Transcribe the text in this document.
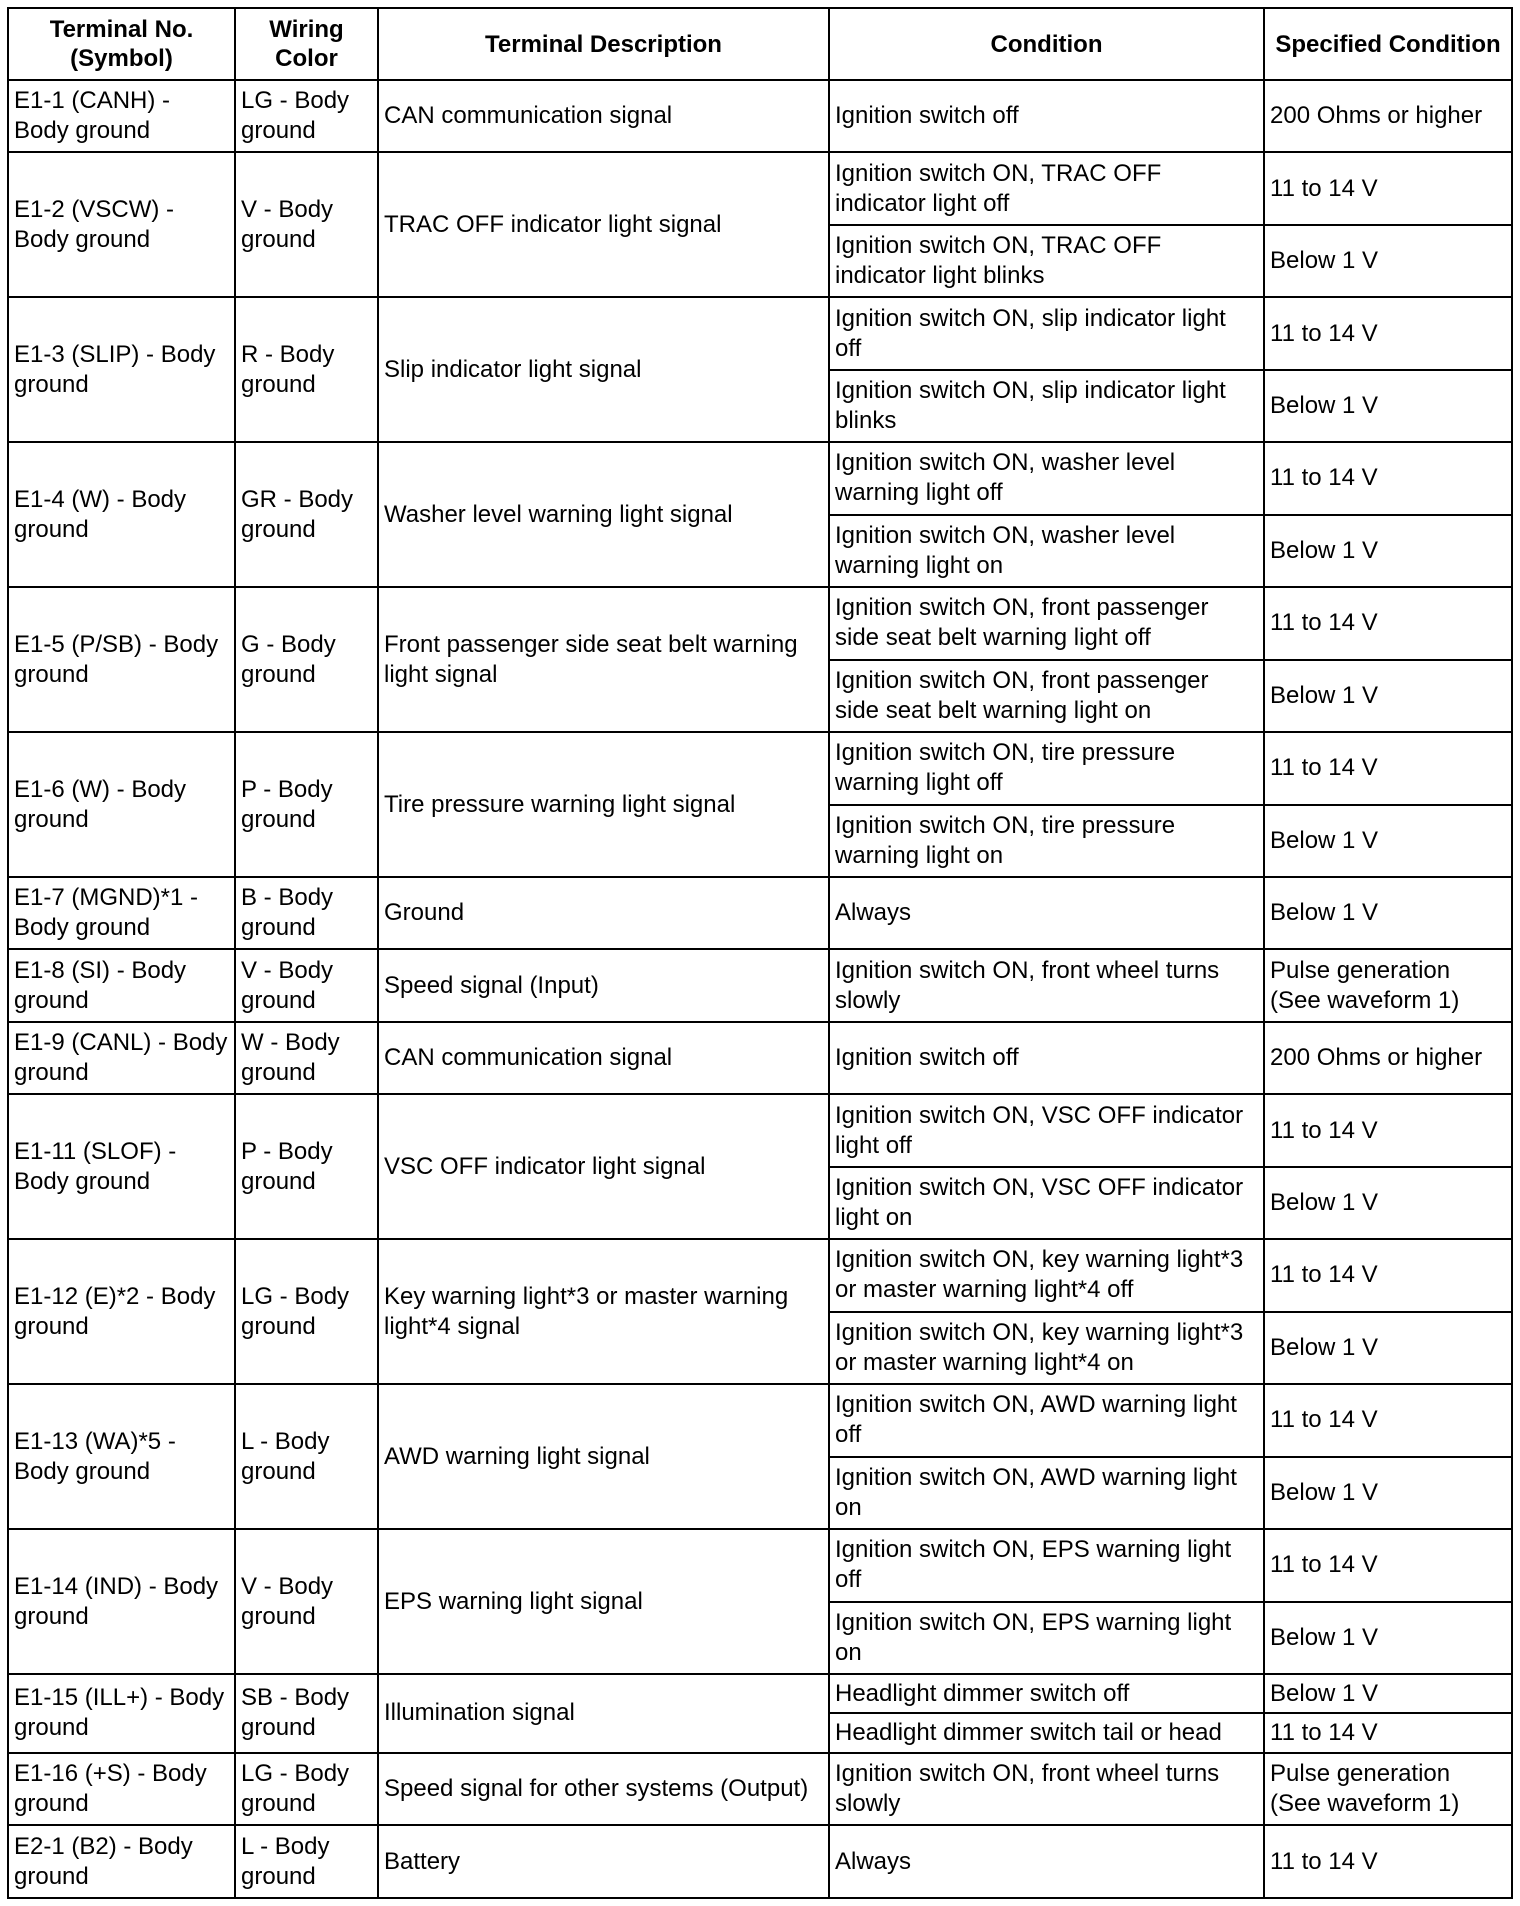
Terminal No. (Symbol)	Wiring Color	Terminal Description	Condition	Specified Condition
E1-1 (CANH) - Body ground	LG - Body ground	CAN communication signal	Ignition switch off	200 Ohms or higher
E1-2 (VSCW) - Body ground	V - Body ground	TRAC OFF indicator light signal	Ignition switch ON, TRAC OFF indicator light off	11 to 14 V
			Ignition switch ON, TRAC OFF indicator light blinks	Below 1 V
E1-3 (SLIP) - Body ground	R - Body ground	Slip indicator light signal	Ignition switch ON, slip indicator light off	11 to 14 V
			Ignition switch ON, slip indicator light blinks	Below 1 V
E1-4 (W) - Body ground	GR - Body ground	Washer level warning light signal	Ignition switch ON, washer level warning light off	11 to 14 V
			Ignition switch ON, washer level warning light on	Below 1 V
E1-5 (P/SB) - Body ground	G - Body ground	Front passenger side seat belt warning light signal	Ignition switch ON, front passenger side seat belt warning light off	11 to 14 V
			Ignition switch ON, front passenger side seat belt warning light on	Below 1 V
E1-6 (W) - Body ground	P - Body ground	Tire pressure warning light signal	Ignition switch ON, tire pressure warning light off	11 to 14 V
			Ignition switch ON, tire pressure warning light on	Below 1 V
E1-7 (MGND)*1 - Body ground	B - Body ground	Ground	Always	Below 1 V
E1-8 (SI) - Body ground	V - Body ground	Speed signal (Input)	Ignition switch ON, front wheel turns slowly	Pulse generation (See waveform 1)
E1-9 (CANL) - Body ground	W - Body ground	CAN communication signal	Ignition switch off	200 Ohms or higher
E1-11 (SLOF) - Body ground	P - Body ground	VSC OFF indicator light signal	Ignition switch ON, VSC OFF indicator light off	11 to 14 V
			Ignition switch ON, VSC OFF indicator light on	Below 1 V
E1-12 (E)*2 - Body ground	LG - Body ground	Key warning light*3 or master warning light*4 signal	Ignition switch ON, key warning light*3 or master warning light*4 off	11 to 14 V
			Ignition switch ON, key warning light*3 or master warning light*4 on	Below 1 V
E1-13 (WA)*5 - Body ground	L - Body ground	AWD warning light signal	Ignition switch ON, AWD warning light off	11 to 14 V
			Ignition switch ON, AWD warning light on	Below 1 V
E1-14 (IND) - Body ground	V - Body ground	EPS warning light signal	Ignition switch ON, EPS warning light off	11 to 14 V
			Ignition switch ON, EPS warning light on	Below 1 V
E1-15 (ILL+) - Body ground	SB - Body ground	Illumination signal	Headlight dimmer switch off	Below 1 V
			Headlight dimmer switch tail or head	11 to 14 V
E1-16 (+S) - Body ground	LG - Body ground	Speed signal for other systems (Output)	Ignition switch ON, front wheel turns slowly	Pulse generation (See waveform 1)
E2-1 (B2) - Body ground	L - Body ground	Battery	Always	11 to 14 V
